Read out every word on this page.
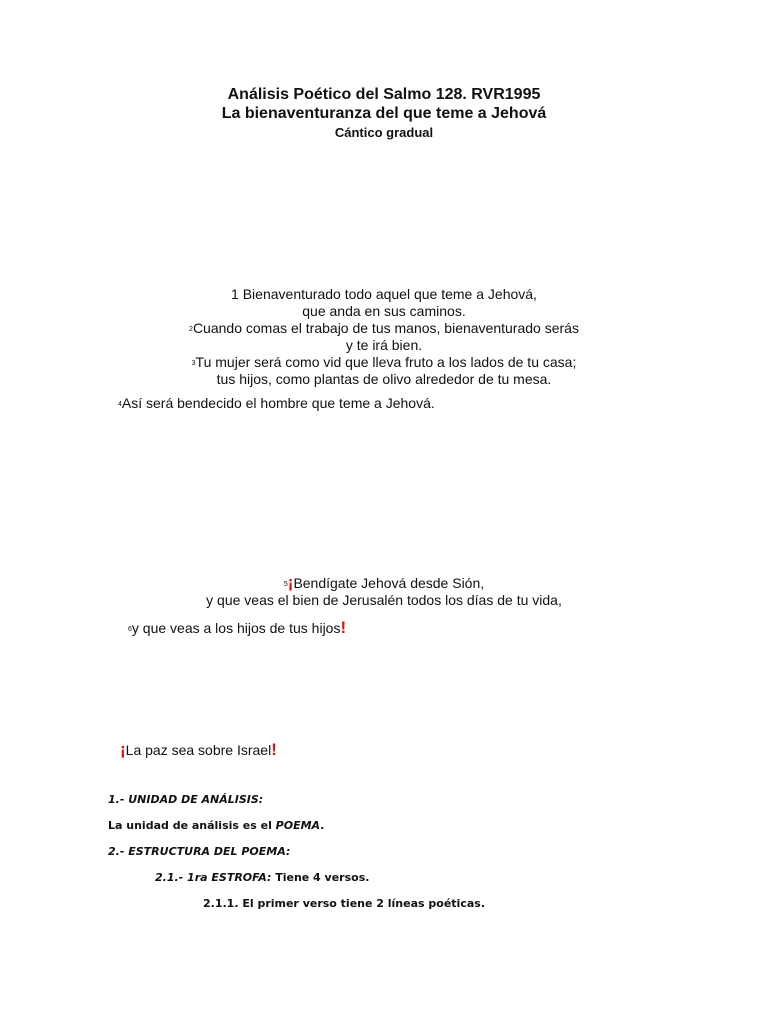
Análisis Poético del Salmo 128. RVR1995
La bienaventuranza del que teme a Jehová
Cántico gradual
1 Bienaventurado todo aquel que teme a Jehová,
que anda en sus caminos.
$^2$Cuando comas el trabajo de tus manos, bienaventurado serás
y te irá bien.
$^3$Tu mujer será como vid que lleva fruto a los lados de tu casa;
tus hijos, como plantas de olivo alrededor de tu mesa.
$^4$Así será bendecido el hombre que teme a Jehová.
$^5$¡Bendígate Jehová desde Sión,
y que veas el bien de Jerusalén todos los días de tu vida,
$^6$y que veas a los hijos de tus hijos!
¡La paz sea sobre Israel!
1.- UNIDAD DE ANÁLISIS:
La unidad de análisis es el POEMA.
2.- ESTRUCTURA DEL POEMA:
2.1.- 1ra ESTROFA: Tiene 4 versos.
2.1.1. El primer verso tiene 2 líneas poéticas.
